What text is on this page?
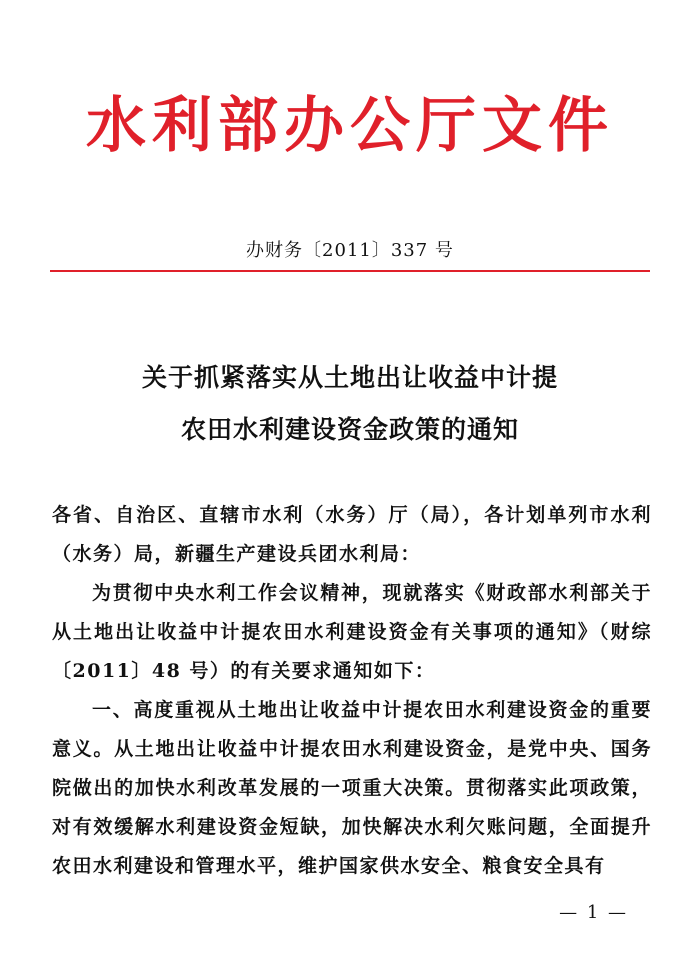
水利部办公厅文件
办财务〔2011〕337 号
关于抓紧落实从土地出让收益中计提
农田水利建设资金政策的通知

各省、自治区、直辖市水利（水务）厅（局），各计划单列市水利（水务）局，新疆生产建设兵团水利局：

为贯彻中央水利工作会议精神，现就落实《财政部水利部关于从土地出让收益中计提农田水利建设资金有关事项的通知》（财综〔2011〕48 号）的有关要求通知如下：

一、高度重视从土地出让收益中计提农田水利建设资金的重要意义。从土地出让收益中计提农田水利建设资金，是党中央、国务院做出的加快水利改革发展的一项重大决策。贯彻落实此项政策，对有效缓解水利建设资金短缺，加快解决水利欠账问题，全面提升农田水利建设和管理水平，维护国家供水安全、粮食安全具有

— 1 —
